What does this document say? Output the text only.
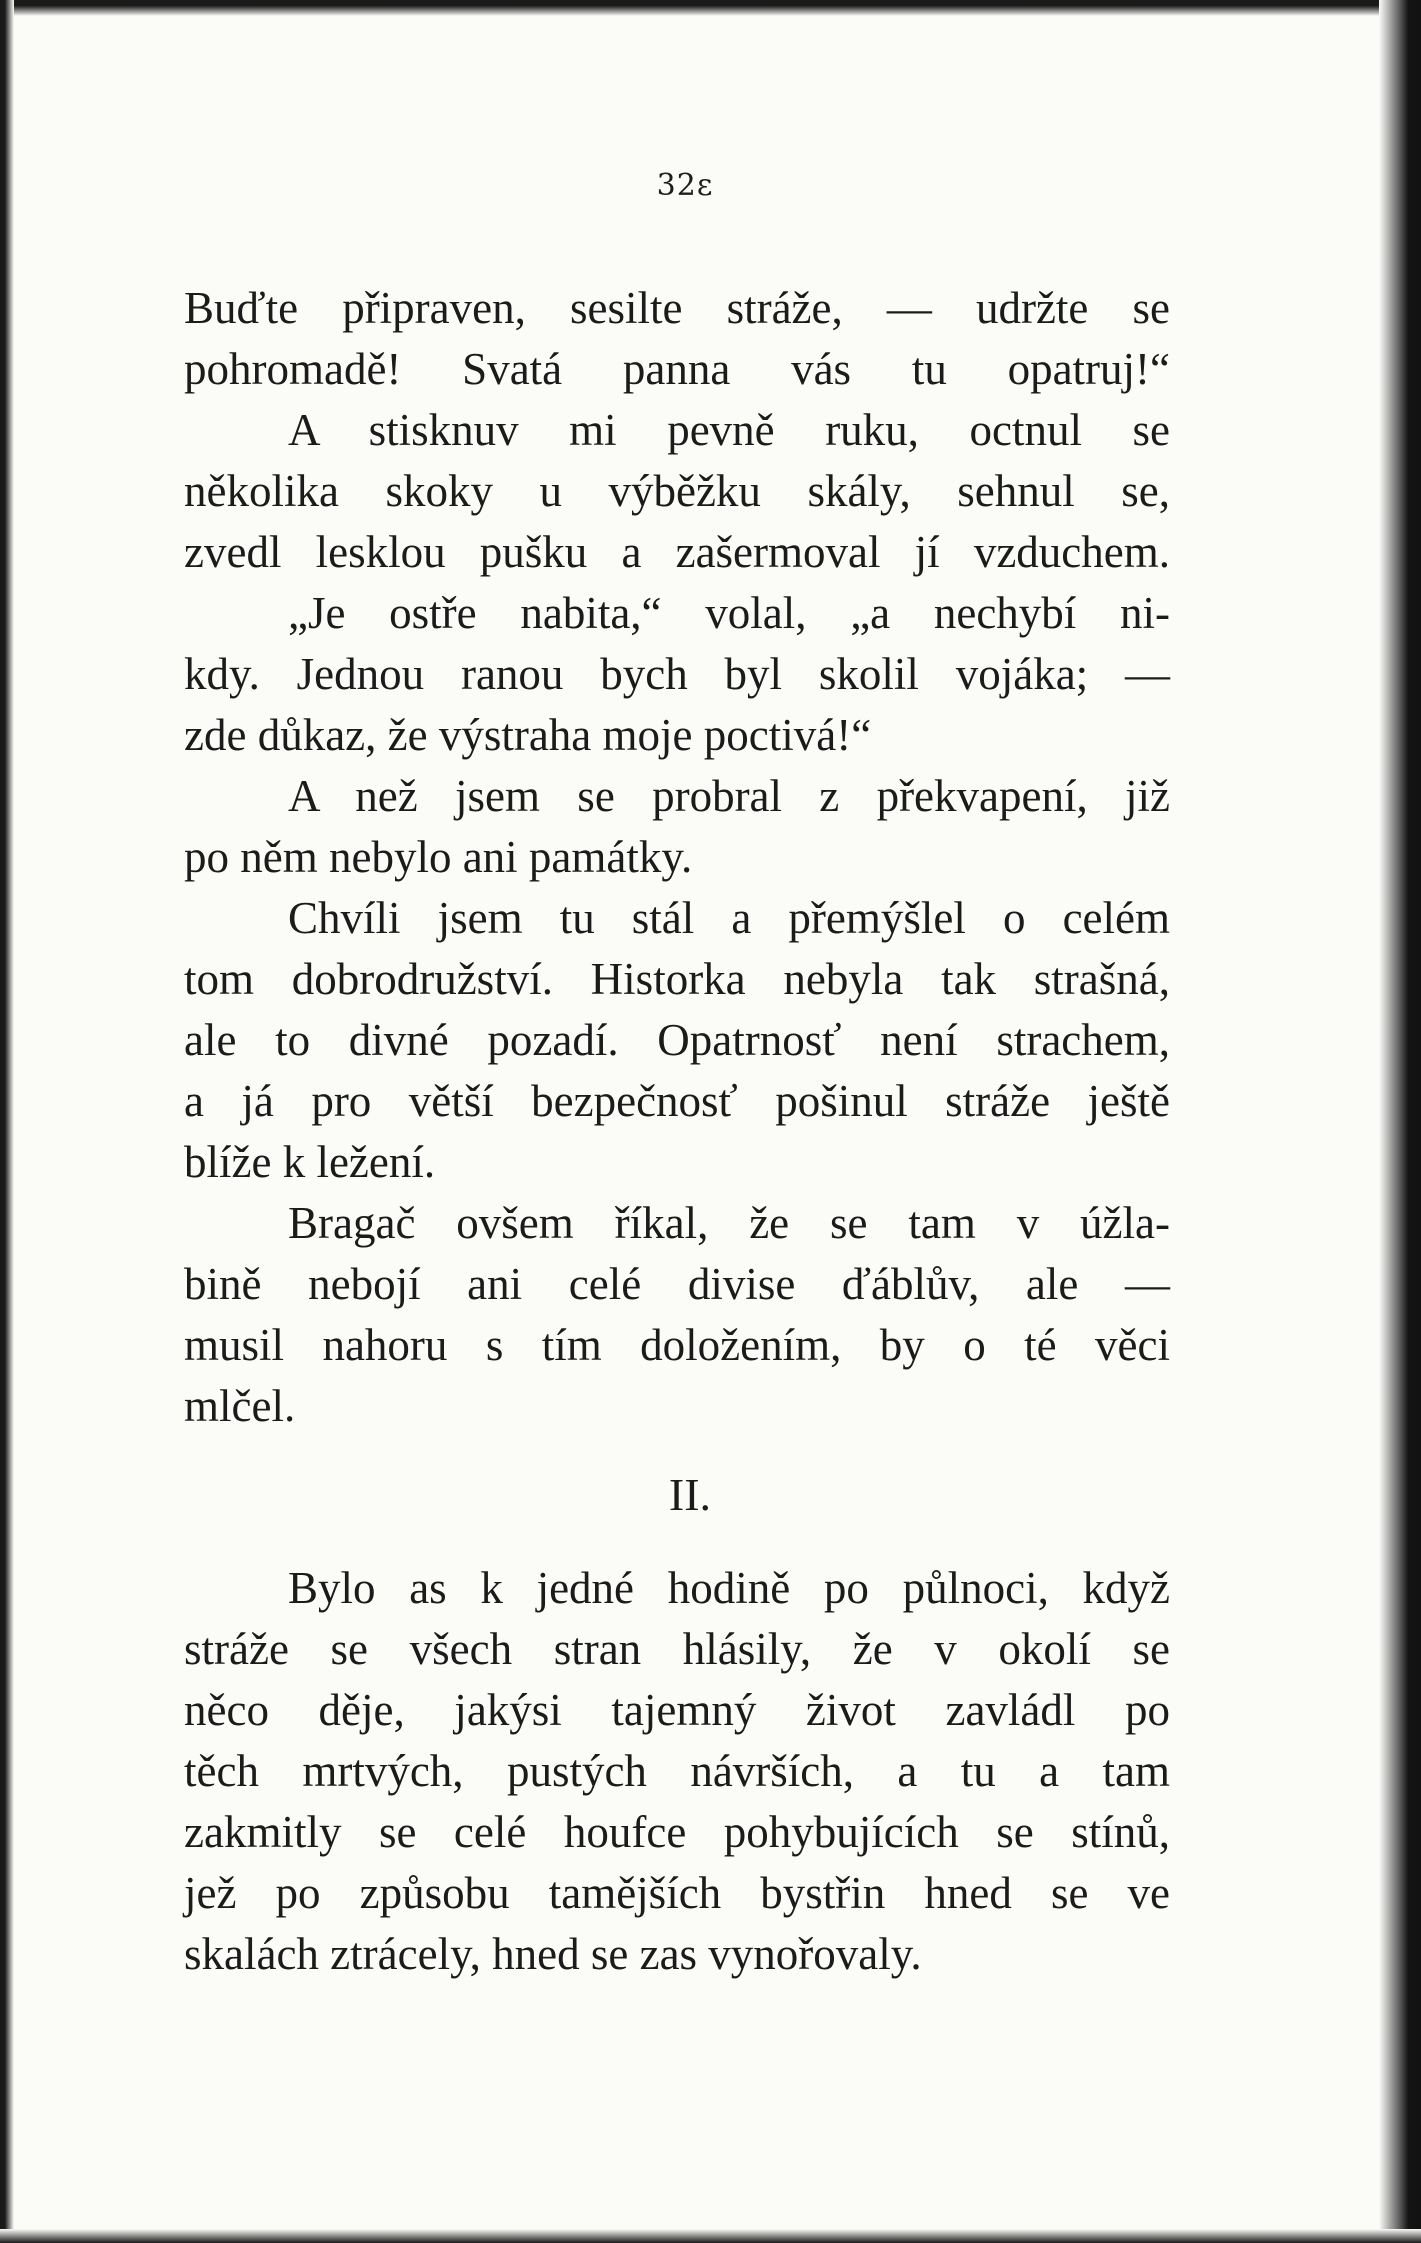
32ɛ
Buďte připraven, sesilte stráže, — udržte se
pohromadě! Svatá panna vás tu opatruj!“
A stisknuv mi pevně ruku, octnul se
několika skoky u výběžku skály, sehnul se,
zvedl lesklou pušku a zašermoval jí vzduchem.
„Je ostře nabita,“ volal, „a nechybí ni-
kdy. Jednou ranou bych byl skolil vojáka; —
zde důkaz, že výstraha moje poctivá!“
A než jsem se probral z překvapení, již
po něm nebylo ani památky.
Chvíli jsem tu stál a přemýšlel o celém
tom dobrodružství. Historka nebyla tak strašná,
ale to divné pozadí. Opatrnosť není strachem,
a já pro větší bezpečnosť pošinul stráže ještě
blíže k ležení.
Bragač ovšem říkal, že se tam v úžla-
bině nebojí ani celé divise ďáblův, ale —
musil nahoru s tím doložením, by o té věci
mlčel.
II.
Bylo as k jedné hodině po půlnoci, když
stráže se všech stran hlásily, že v okolí se
něco děje, jakýsi tajemný život zavládl po
těch mrtvých, pustých návrších, a tu a tam
zakmitly se celé houfce pohybujících se stínů,
jež po způsobu tamějších bystřin hned se ve
skalách ztrácely, hned se zas vynořovaly.
